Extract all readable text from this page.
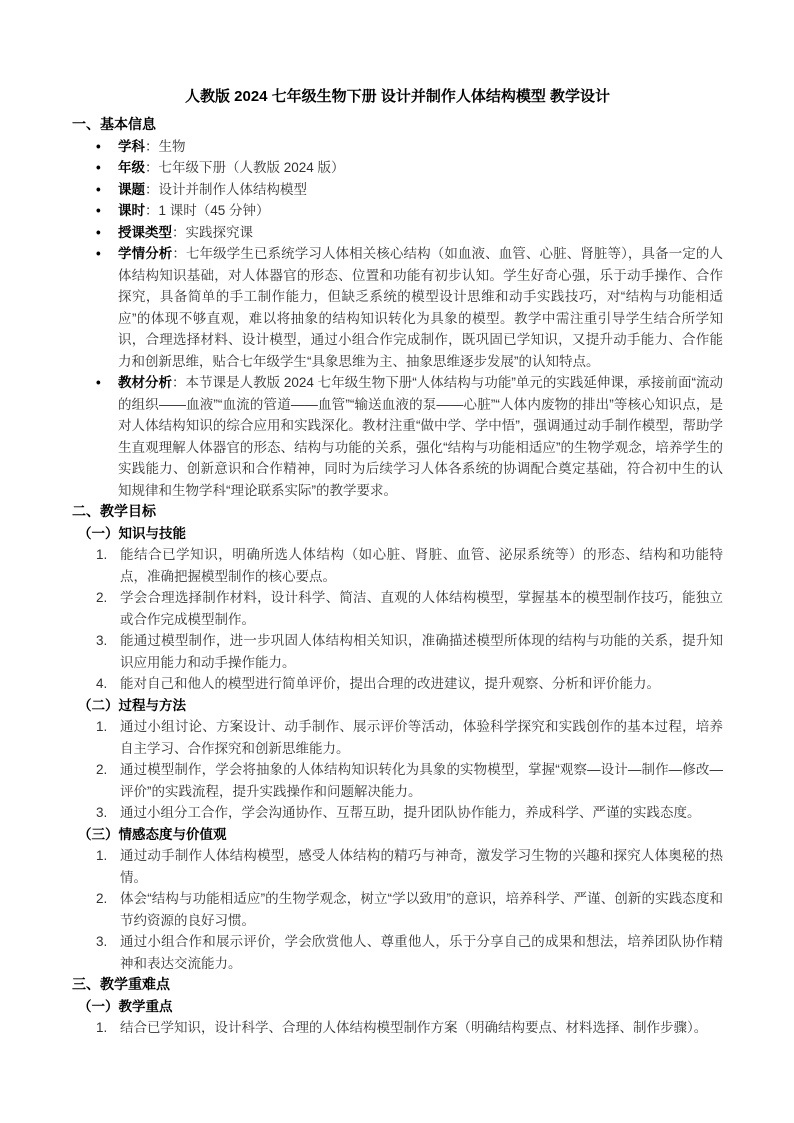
人教版 2024 七年级生物下册 设计并制作人体结构模型 教学设计
一、基本信息
• 学科：生物
• 年级：七年级下册（人教版 2024 版）
• 课题：设计并制作人体结构模型
• 课时：1 课时（45 分钟）
• 授课类型：实践探究课
• 学情分析：七年级学生已系统学习人体相关核心结构（如血液、血管、心脏、肾脏等），具备一定的人体结构知识基础，对人体器官的形态、位置和功能有初步认知。学生好奇心强，乐于动手操作、合作探究，具备简单的手工制作能力，但缺乏系统的模型设计思维和动手实践技巧，对“结构与功能相适应”的体现不够直观，难以将抽象的结构知识转化为具象的模型。教学中需注重引导学生结合所学知识，合理选择材料、设计模型，通过小组合作完成制作，既巩固已学知识，又提升动手能力、合作能力和创新思维，贴合七年级学生“具象思维为主、抽象思维逐步发展”的认知特点。
• 教材分析：本节课是人教版 2024 七年级生物下册“人体结构与功能”单元的实践延伸课，承接前面“流动的组织——血液”“血流的管道——血管”“输送血液的泵——心脏”“人体内废物的排出”等核心知识点，是对人体结构知识的综合应用和实践深化。教材注重“做中学、学中悟”，强调通过动手制作模型，帮助学生直观理解人体器官的形态、结构与功能的关系，强化“结构与功能相适应”的生物学观念，培养学生的实践能力、创新意识和合作精神，同时为后续学习人体各系统的协调配合奠定基础，符合初中生的认知规律和生物学科“理论联系实际”的教学要求。
二、教学目标
（一）知识与技能
1. 能结合已学知识，明确所选人体结构（如心脏、肾脏、血管、泌尿系统等）的形态、结构和功能特点，准确把握模型制作的核心要点。
2. 学会合理选择制作材料，设计科学、简洁、直观的人体结构模型，掌握基本的模型制作技巧，能独立或合作完成模型制作。
3. 能通过模型制作，进一步巩固人体结构相关知识，准确描述模型所体现的结构与功能的关系，提升知识应用能力和动手操作能力。
4. 能对自己和他人的模型进行简单评价，提出合理的改进建议，提升观察、分析和评价能力。
（二）过程与方法
1. 通过小组讨论、方案设计、动手制作、展示评价等活动，体验科学探究和实践创作的基本过程，培养自主学习、合作探究和创新思维能力。
2. 通过模型制作，学会将抽象的人体结构知识转化为具象的实物模型，掌握“观察—设计—制作—修改—评价”的实践流程，提升实践操作和问题解决能力。
3. 通过小组分工合作，学会沟通协作、互帮互助，提升团队协作能力，养成科学、严谨的实践态度。
（三）情感态度与价值观
1. 通过动手制作人体结构模型，感受人体结构的精巧与神奇，激发学习生物的兴趣和探究人体奥秘的热情。
2. 体会“结构与功能相适应”的生物学观念，树立“学以致用”的意识，培养科学、严谨、创新的实践态度和节约资源的良好习惯。
3. 通过小组合作和展示评价，学会欣赏他人、尊重他人，乐于分享自己的成果和想法，培养团队协作精神和表达交流能力。
三、教学重难点
（一）教学重点
1. 结合已学知识，设计科学、合理的人体结构模型制作方案（明确结构要点、材料选择、制作步骤）。
